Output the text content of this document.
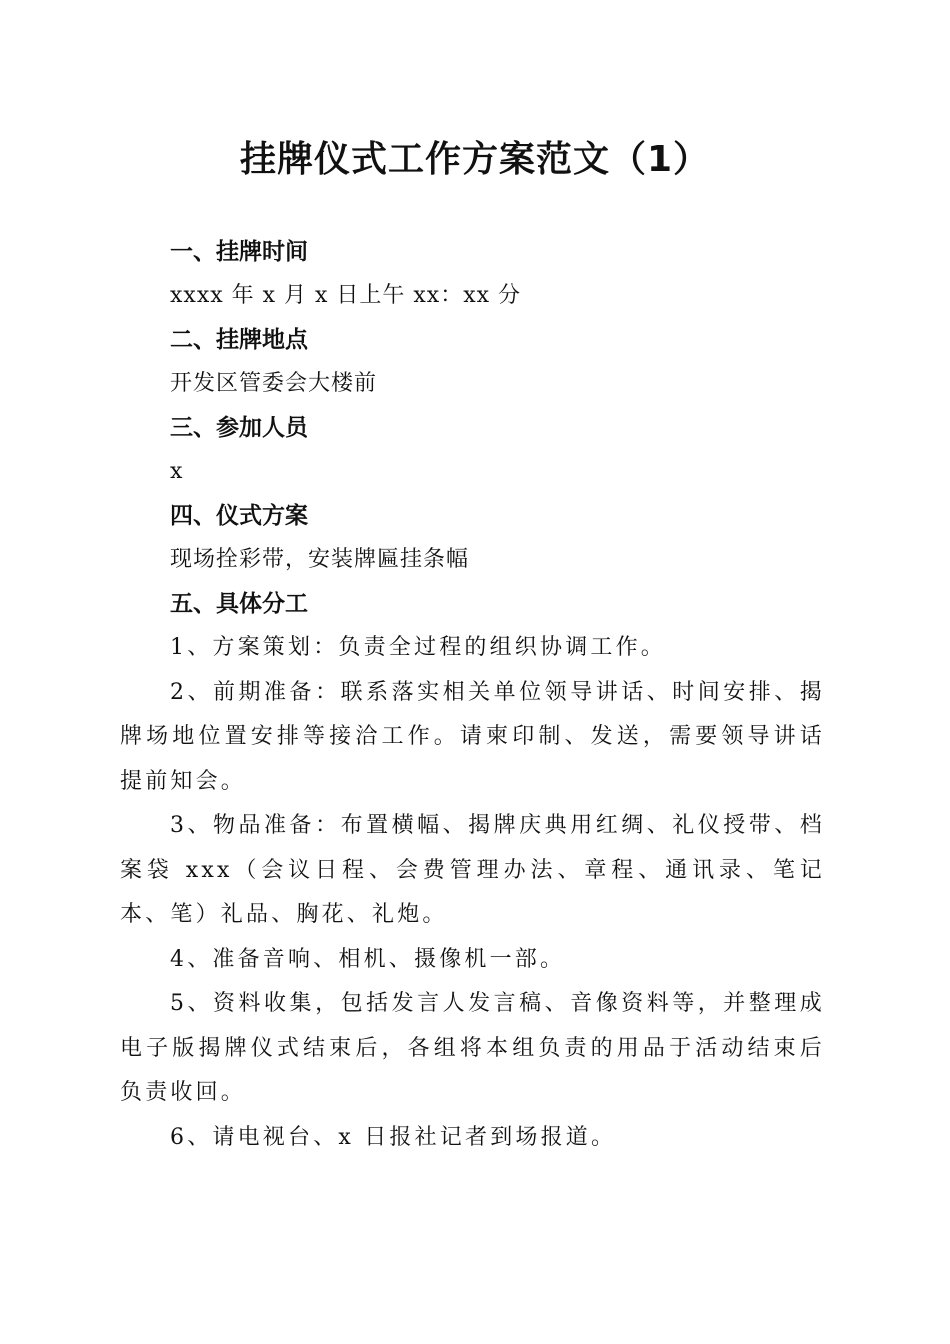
挂牌仪式工作方案范文（1）

一、挂牌时间

xxxx 年 x 月 x 日上午 xx：xx 分

二、挂牌地点

开发区管委会大楼前

三、参加人员

x

四、仪式方案

现场拴彩带，安装牌匾挂条幅

五、具体分工

1、方案策划：负责全过程的组织协调工作。

2、前期准备：联系落实相关单位领导讲话、时间安排、揭牌场地位置安排等接洽工作。请柬印制、发送，需要领导讲话提前知会。

3、物品准备：布置横幅、揭牌庆典用红绸、礼仪授带、档案袋 xxx（会议日程、会费管理办法、章程、通讯录、笔记本、笔）礼品、胸花、礼炮。

4、准备音响、相机、摄像机一部。

5、资料收集，包括发言人发言稿、音像资料等，并整理成电子版揭牌仪式结束后，各组将本组负责的用品于活动结束后负责收回。

6、请电视台、x 日报社记者到场报道。
